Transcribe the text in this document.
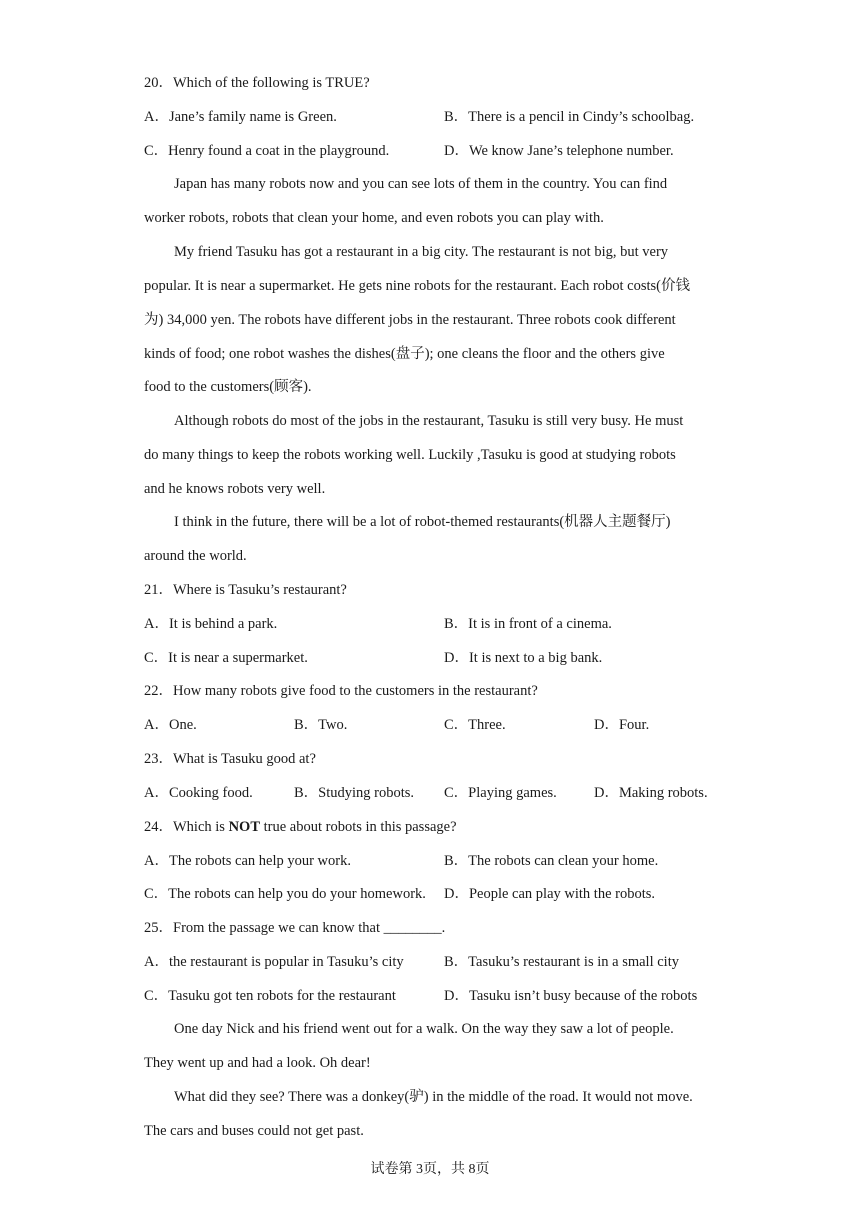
20．Which of the following is TRUE?
A．Jane’s family name is Green.	B．There is a pencil in Cindy’s schoolbag.
C．Henry found a coat in the playground.	D．We know Jane’s telephone number.
Japan has many robots now and you can see lots of them in the country. You can find
worker robots, robots that clean your home, and even robots you can play with.
My friend Tasuku has got a restaurant in a big city. The restaurant is not big, but very
popular. It is near a supermarket. He gets nine robots for the restaurant. Each robot costs(价钱
为) 34,000 yen. The robots have different jobs in the restaurant. Three robots cook different
kinds of food; one robot washes the dishes(盘子); one cleans the floor and the others give
food to the customers(顾客).
Although robots do most of the jobs in the restaurant, Tasuku is still very busy. He must
do many things to keep the robots working well. Luckily ,Tasuku is good at studying robots
and he knows robots very well.
I think in the future, there will be a lot of robot-themed restaurants(机器人主题餐厅)
around the world.
21．Where is Tasuku’s restaurant?
A．It is behind a park.	B．It is in front of a cinema.
C．It is near a supermarket.	D．It is next to a big bank.
22．How many robots give food to the customers in the restaurant?
A．One.	B．Two.	C．Three.	D．Four.
23．What is Tasuku good at?
A．Cooking food.	B．Studying robots. C．Playing games.	D．Making robots.
24．Which is NOT true about robots in this passage?
A．The robots can help your work.	B．The robots can clean your home.
C．The robots can help you do your homework. D．People can play with the robots.
25．From the passage we can know that ________.
A．the restaurant is popular in Tasuku’s city	B．Tasuku’s restaurant is in a small city
C．Tasuku got ten robots for the restaurant	D．Tasuku isn’t busy because of the robots
One day Nick and his friend went out for a walk. On the way they saw a lot of people.
They went up and had a look. Oh dear!
What did they see? There was a donkey(驴) in the middle of the road. It would not move.
The cars and buses could not get past.
试卷第 3页，共 8页
